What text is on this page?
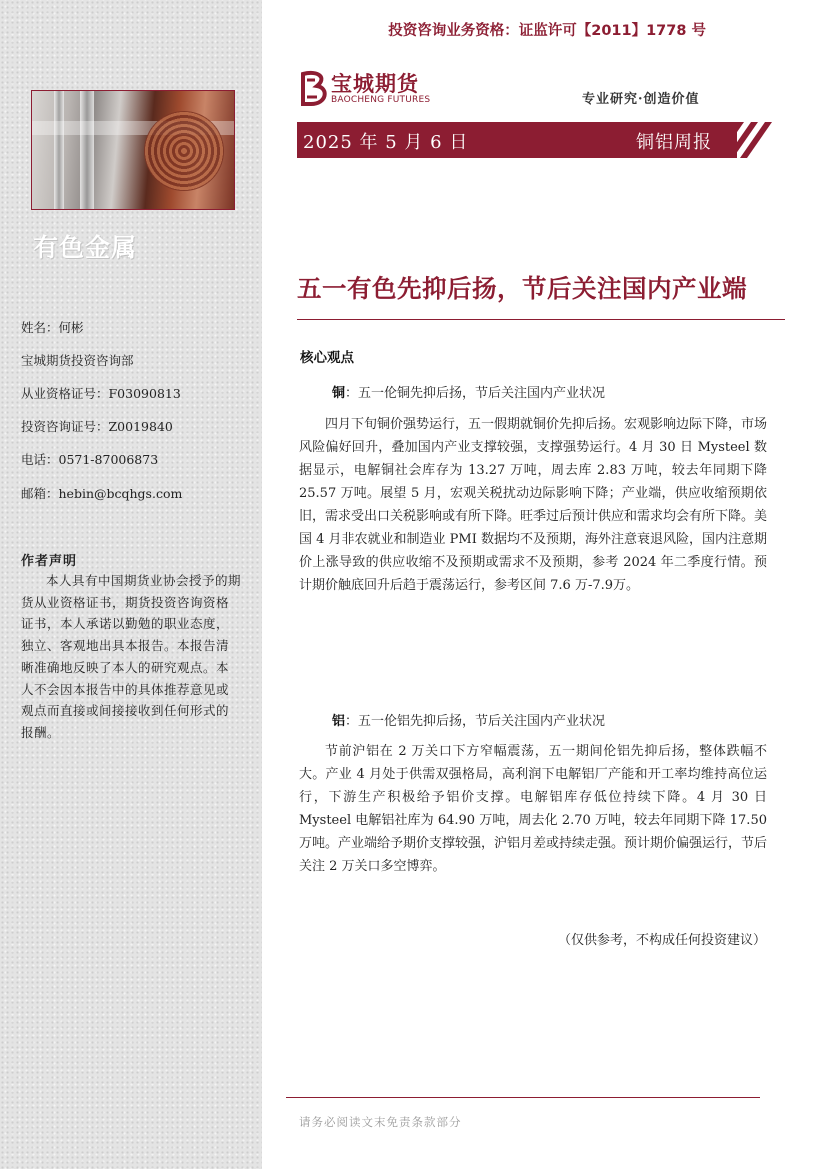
有色金属
姓名：何彬
宝城期货投资咨询部
从业资格证号：F03090813
投资咨询证号：Z0019840
电话：0571-87006873
邮箱：hebin@bcqhgs.com
作者声明
本人具有中国期货业协会授予的期货从业资格证书，期货投资咨询资格证书，本人承诺以勤勉的职业态度，独立、客观地出具本报告。本报告清晰准确地反映了本人的研究观点。本人不会因本报告中的具体推荐意见或观点而直接或间接接收到任何形式的报酬。
投资咨询业务资格：证监许可【2011】1778 号
宝城期货
BAOCHENG FUTURES	专业研究·创造价值
2025 年 5 月 6 日	铜铝周报
五一有色先抑后扬，节后关注国内产业端
核心观点
铜：五一伦铜先抑后扬，节后关注国内产业状况
四月下旬铜价强势运行，五一假期就铜价先抑后扬。宏观影响边际下降，市场风险偏好回升，叠加国内产业支撑较强，支撑强势运行。4 月 30 日 Mysteel 数据显示，电解铜社会库存为 13.27 万吨，周去库 2.83 万吨，较去年同期下降 25.57 万吨。展望 5 月，宏观关税扰动边际影响下降；产业端，供应收缩预期依旧，需求受出口关税影响或有所下降。旺季过后预计供应和需求均会有所下降。美国 4 月非农就业和制造业 PMI 数据均不及预期，海外注意衰退风险，国内注意期价上涨导致的供应收缩不及预期或需求不及预期，参考 2024 年二季度行情。预计期价触底回升后趋于震荡运行，参考区间 7.6 万-7.9万。
铝：五一伦铝先抑后扬，节后关注国内产业状况
节前沪铝在 2 万关口下方窄幅震荡，五一期间伦铝先抑后扬，整体跌幅不大。产业 4 月处于供需双强格局，高利润下电解铝厂产能和开工率均维持高位运行，下游生产积极给予铝价支撑。电解铝库存低位持续下降。4 月 30 日 Mysteel 电解铝社库为 64.90 万吨，周去化 2.70 万吨，较去年同期下降 17.50 万吨。产业端给予期价支撑较强，沪铝月差或持续走强。预计期价偏强运行，节后关注 2 万关口多空博弈。
（仅供参考，不构成任何投资建议）
请务必阅读文末免责条款部分
